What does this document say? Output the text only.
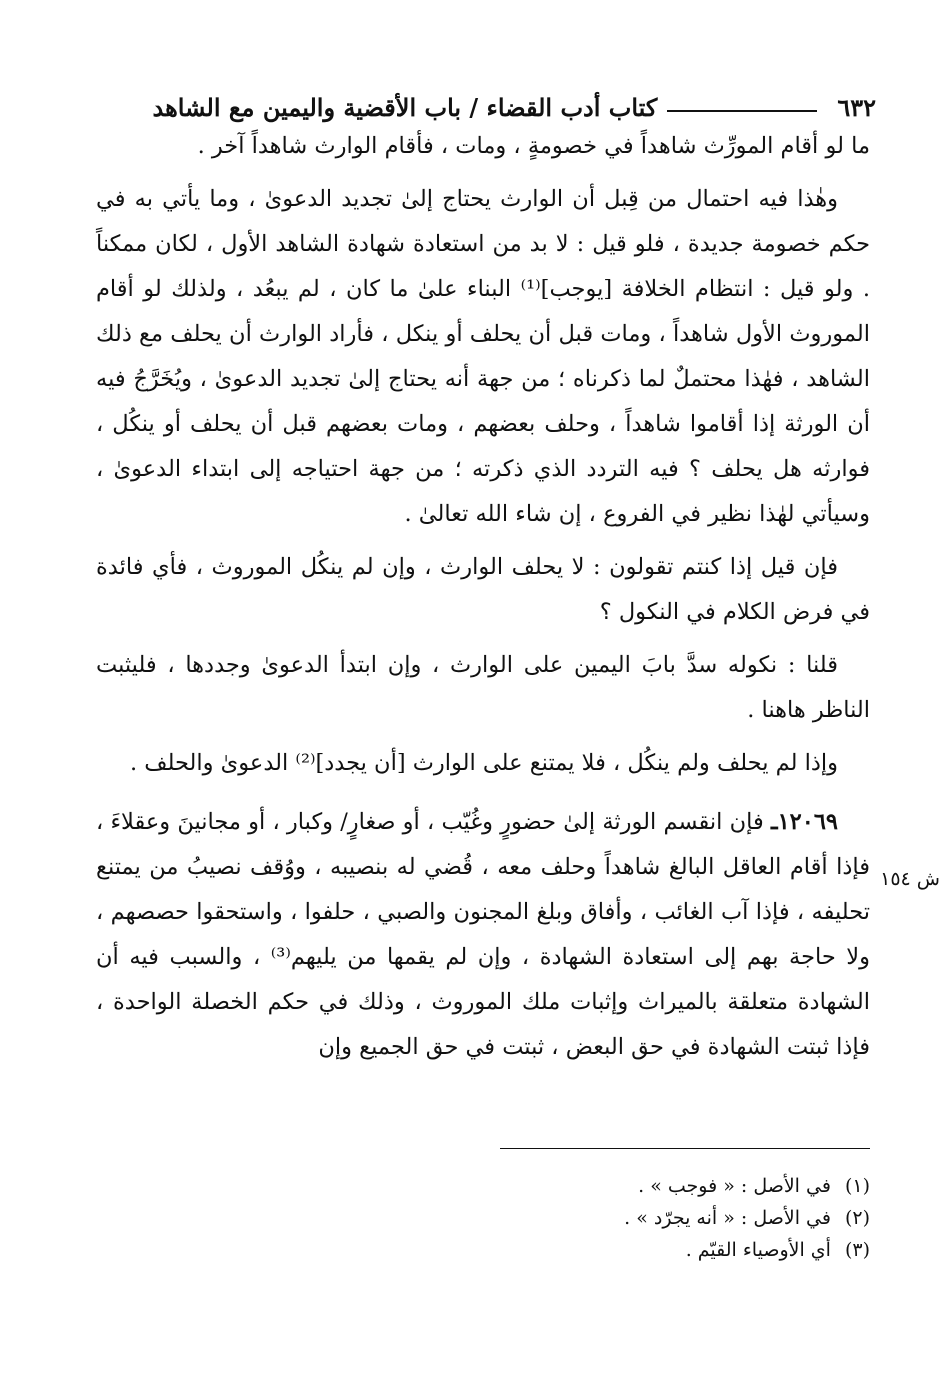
٦٣٢
كتاب أدب القضاء / باب الأقضية واليمين مع الشاهد

ما لو أقام المورِّث شاهداً في خصومةٍ ، ومات ، فأقام الوارث شاهداً آخر .

وهٰذا فيه احتمال من قِبل أن الوارث يحتاج إلىٰ تجديد الدعوىٰ ، وما يأتي به في حكم خصومة جديدة ، فلو قيل : لا بد من استعادة شهادة الشاهد الأول ، لكان ممكناً . ولو قيل : انتظام الخلافة [يوجب]⁽¹⁾ البناء علىٰ ما كان ، لم يبعُد ، ولذلك لو أقام الموروث الأول شاهداً ، ومات قبل أن يحلف أو ينكل ، فأراد الوارث أن يحلف مع ذلك الشاهد ، فهٰذا محتملٌ لما ذكرناه ؛ من جهة أنه يحتاج إلىٰ تجديد الدعوىٰ ، ويُخَرَّجُ فيه أن الورثة إذا أقاموا شاهداً ، وحلف بعضهم ، ومات بعضهم قبل أن يحلف أو ينكُل ، فوارثه هل يحلف ؟ فيه التردد الذي ذكرته ؛ من جهة احتياجه إلى ابتداء الدعوىٰ ، وسيأتي لهٰذا نظير في الفروع ، إن شاء الله تعالىٰ .

فإن قيل إذا كنتم تقولون : لا يحلف الوارث ، وإن لم ينكُل الموروث ، فأي فائدة في فرض الكلام في النكول ؟

قلنا : نكوله سدَّ بابَ اليمين على الوارث ، وإن ابتدأ الدعوىٰ وجددها ، فليثبت الناظر هاهنا .

وإذا لم يحلف ولم ينكُل ، فلا يمتنع على الوارث [أن يجدد]⁽²⁾ الدعوىٰ والحلف .

١٢٠٦٩ـ فإن انقسم الورثة إلىٰ حضورٍ وغُيّب ، أو صغارٍ/ وكبار ، أو مجانينَ وعقلاءَ ، فإذا أقام العاقل البالغ شاهداً وحلف معه ، قُضي له بنصيبه ، ووُقف نصيبُ من يمتنع تحليفه ، فإذا آب الغائب ، وأفاق وبلغ المجنون والصبي ، حلفوا ، واستحقوا حصصهم ، ولا حاجة بهم إلى استعادة الشهادة ، وإن لم يقمها من يليهم⁽³⁾ ، والسبب فيه أن الشهادة متعلقة بالميراث وإثبات ملك الموروث ، وذلك في حكم الخصلة الواحدة ، فإذا ثبتت الشهادة في حق البعض ، ثبتت في حق الجميع وإن

ش ١٥٤
(١)في الأصل : « فوجب » .
(٢)في الأصل : « أنه يجرّد » .
(٣)أي الأوصياء القيّم .
